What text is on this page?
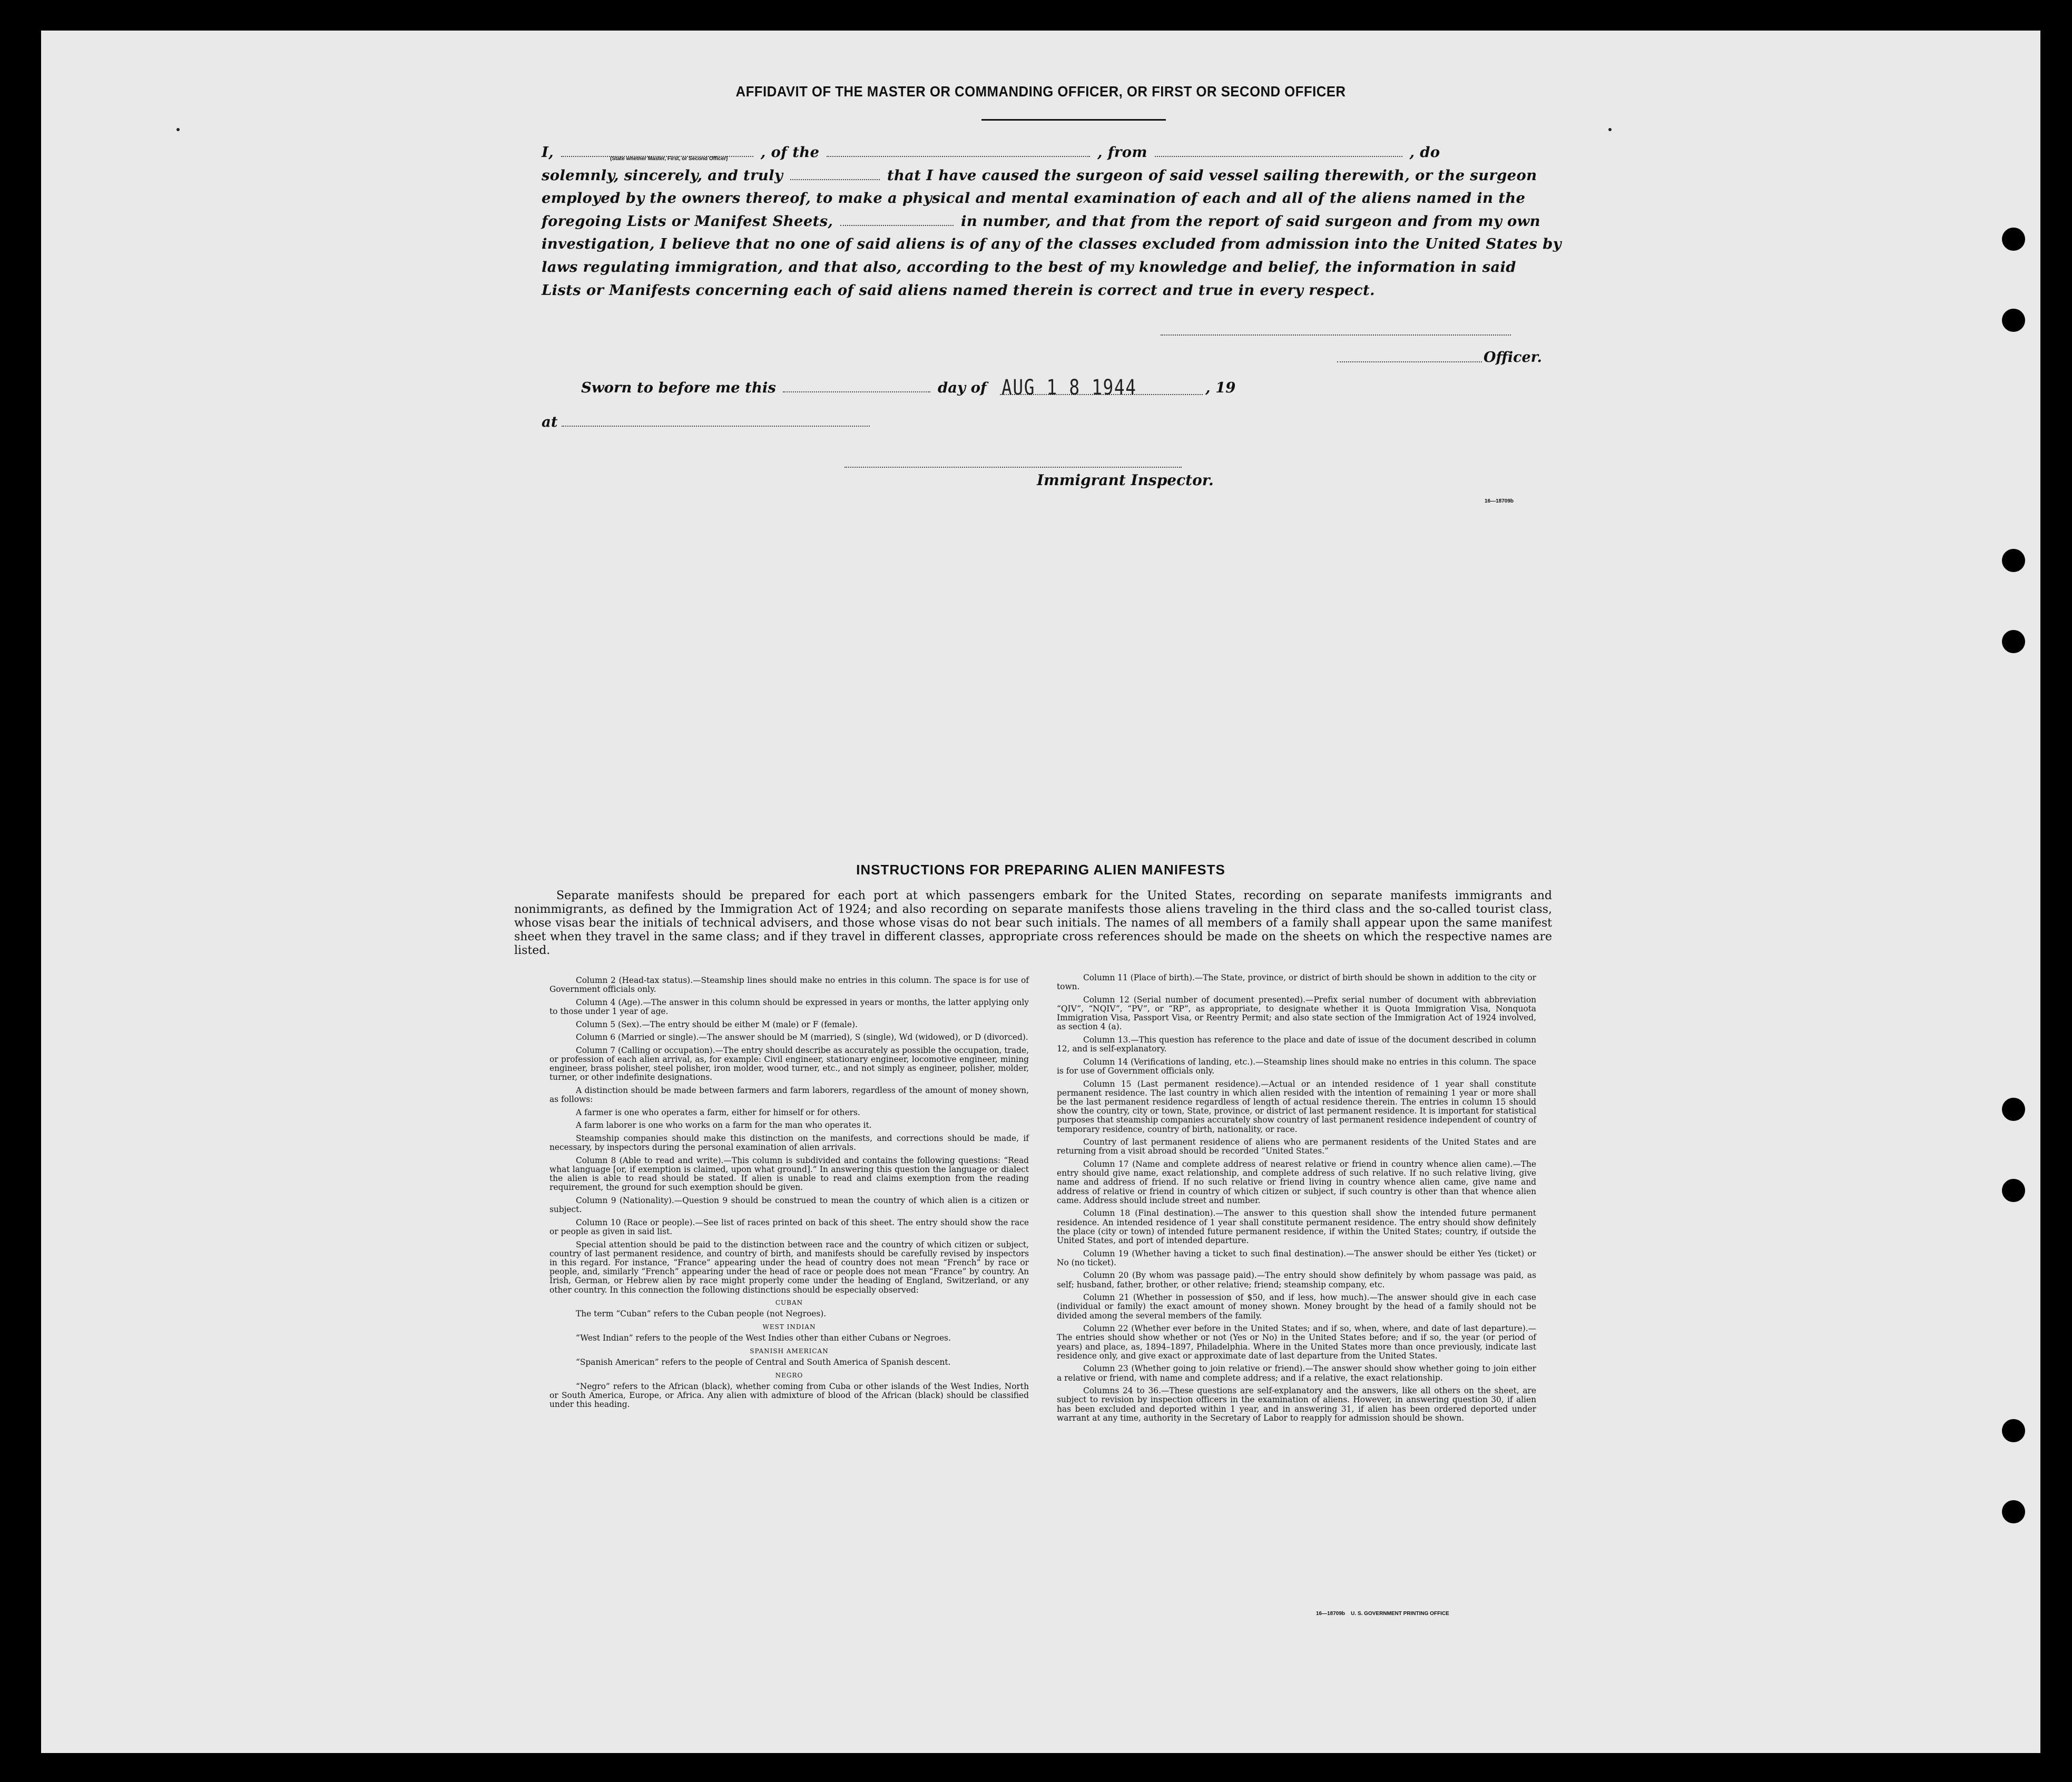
AFFIDAVIT OF THE MASTER OR COMMANDING OFFICER, OR FIRST OR SECOND OFFICER
(State whether Master, First, or Second Officer)
I,	, of the	, from	, do
solemnly, sincerely, and truly	that I have caused the surgeon of said vessel sailing therewith, or the surgeon
employed by the owners thereof, to make a physical and mental examination of each and all of the aliens named in the
foregoing Lists or Manifest Sheets,	in number, and that from the report of said surgeon and from my own
investigation, I believe that no one of said aliens is of any of the classes excluded from admission into the United States by
laws regulating immigration, and that also, according to the best of my knowledge and belief, the information in said
Lists or Manifests concerning each of said aliens named therein is correct and true in every respect.
Officer.
Sworn to before me this	day of AUG 1 8 1944	, 19
at
Immigrant Inspector.
16—18709b
INSTRUCTIONS FOR PREPARING ALIEN MANIFESTS
Separate manifests should be prepared for each port at which passengers embark for the United States, recording on separate manifests immigrants and nonimmigrants, as defined by the Immigration Act of 1924; and also recording on separate manifests those aliens traveling in the third class and the so-called tourist class, whose visas bear the initials of technical advisers, and those whose visas do not bear such initials. The names of all members of a family shall appear upon the same manifest sheet when they travel in the same class; and if they travel in different classes, appropriate cross references should be made on the sheets on which the respective names are listed.

Column 2 (Head-tax status).—Steamship lines should make no entries in this column. The space is for use of Government officials only.

Column 4 (Age).—The answer in this column should be expressed in years or months, the latter applying only to those under 1 year of age.

Column 5 (Sex).—The entry should be either M (male) or F (female).

Column 6 (Married or single).—The answer should be M (married), S (single), Wd (widowed), or D (divorced).

Column 7 (Calling or occupation).—The entry should describe as accurately as possible the occupation, trade, or profession of each alien arrival, as, for example: Civil engineer, stationary engineer, locomotive engineer, mining engineer, brass polisher, steel polisher, iron molder, wood turner, etc., and not simply as engineer, polisher, molder, turner, or other indefinite designations.

A distinction should be made between farmers and farm laborers, regardless of the amount of money shown, as follows:

A farmer is one who operates a farm, either for himself or for others.

A farm laborer is one who works on a farm for the man who operates it.

Steamship companies should make this distinction on the manifests, and corrections should be made, if necessary, by inspectors during the personal examination of alien arrivals.

Column 8 (Able to read and write).—This column is subdivided and contains the following questions: “Read what language [or, if exemption is claimed, upon what ground].” In answering this question the language or dialect the alien is able to read should be stated. If alien is unable to read and claims exemption from the reading requirement, the ground for such exemption should be given.

Column 9 (Nationality).—Question 9 should be construed to mean the country of which alien is a citizen or subject.

Column 10 (Race or people).—See list of races printed on back of this sheet. The entry should show the race or people as given in said list.

Special attention should be paid to the distinction between race and the country of which citizen or subject, country of last permanent residence, and country of birth, and manifests should be carefully revised by inspectors in this regard. For instance, “France” appearing under the head of country does not mean “French” by race or people, and, similarly “French” appearing under the head of race or people does not mean “France” by country. An Irish, German, or Hebrew alien by race might properly come under the heading of England, Switzerland, or any other country. In this connection the following distinctions should be especially observed:

CUBAN

The term “Cuban” refers to the Cuban people (not Negroes).

WEST INDIAN

“West Indian” refers to the people of the West Indies other than either Cubans or Negroes.

SPANISH AMERICAN

“Spanish American” refers to the people of Central and South America of Spanish descent.

NEGRO

“Negro” refers to the African (black), whether coming from Cuba or other islands of the West Indies, North or South America, Europe, or Africa. Any alien with admixture of blood of the African (black) should be classified under this heading.

Column 11 (Place of birth).—The State, province, or district of birth should be shown in addition to the city or town.

Column 12 (Serial number of document presented).—Prefix serial number of document with abbreviation “QIV”, “NQIV”, “PV”, or “RP”, as appropriate, to designate whether it is Quota Immigration Visa, Nonquota Immigration Visa, Passport Visa, or Reentry Permit; and also state section of the Immigration Act of 1924 involved, as section 4 (a).

Column 13.—This question has reference to the place and date of issue of the document described in column 12, and is self-explanatory.

Column 14 (Verifications of landing, etc.).—Steamship lines should make no entries in this column. The space is for use of Government officials only.

Column 15 (Last permanent residence).—Actual or an intended residence of 1 year shall constitute permanent residence. The last country in which alien resided with the intention of remaining 1 year or more shall be the last permanent residence regardless of length of actual residence therein. The entries in column 15 should show the country, city or town, State, province, or district of last permanent residence. It is important for statistical purposes that steamship companies accurately show country of last permanent residence independent of country of temporary residence, country of birth, nationality, or race.

Country of last permanent residence of aliens who are permanent residents of the United States and are returning from a visit abroad should be recorded “United States.”

Column 17 (Name and complete address of nearest relative or friend in country whence alien came).—The entry should give name, exact relationship, and complete address of such relative. If no such relative living, give name and address of friend. If no such relative or friend living in country whence alien came, give name and address of relative or friend in country of which citizen or subject, if such country is other than that whence alien came. Address should include street and number.

Column 18 (Final destination).—The answer to this question shall show the intended future permanent residence. An intended residence of 1 year shall constitute permanent residence. The entry should show definitely the place (city or town) of intended future permanent residence, if within the United States; country, if outside the United States, and port of intended departure.

Column 19 (Whether having a ticket to such final destination).—The answer should be either Yes (ticket) or No (no ticket).

Column 20 (By whom was passage paid).—The entry should show definitely by whom passage was paid, as self; husband, father, brother, or other relative; friend; steamship company, etc.

Column 21 (Whether in possession of $50, and if less, how much).—The answer should give in each case (individual or family) the exact amount of money shown. Money brought by the head of a family should not be divided among the several members of the family.

Column 22 (Whether ever before in the United States; and if so, when, where, and date of last departure).—The entries should show whether or not (Yes or No) in the United States before; and if so, the year (or period of years) and place, as, 1894–1897, Philadelphia. Where in the United States more than once previously, indicate last residence only, and give exact or approximate date of last departure from the United States.

Column 23 (Whether going to join relative or friend).—The answer should show whether going to join either a relative or friend, with name and complete address; and if a relative, the exact relationship.

Columns 24 to 36.—These questions are self-explanatory and the answers, like all others on the sheet, are subject to revision by inspection officers in the examination of aliens. However, in answering question 30, if alien has been excluded and deported within 1 year, and in answering 31, if alien has been ordered deported under warrant at any time, authority in the Secretary of Labor to reapply for admission should be shown.

16—18709b U. S. GOVERNMENT PRINTING OFFICE
